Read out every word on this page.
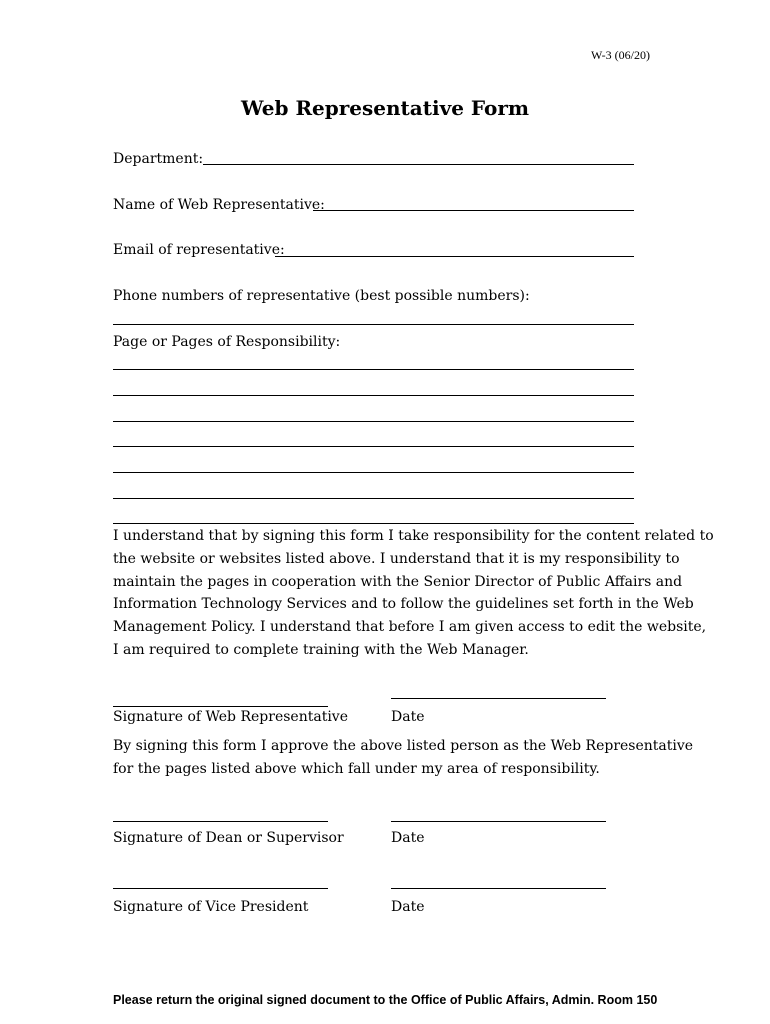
W-3 (06/20)
Web Representative Form
Department:
Name of Web Representative:
Email of representative:
Phone numbers of representative (best possible numbers):
Page or Pages of Responsibility:

I understand that by signing this form I take responsibility for the content related to

the website or websites listed above. I understand that it is my responsibility to

maintain the pages in cooperation with the Senior Director of Public Affairs and

Information Technology Services and to follow the guidelines set forth in the Web

Management Policy. I understand that before I am given access to edit the website,

I am required to complete training with the Web Manager.

Signature of Web Representative	Date

By signing this form I approve the above listed person as the Web Representative

for the pages listed above which fall under my area of responsibility.

Signature of Dean or Supervisor	Date
Signature of Vice President	Date
Please return the original signed document to the Office of Public Affairs, Admin. Room 150
